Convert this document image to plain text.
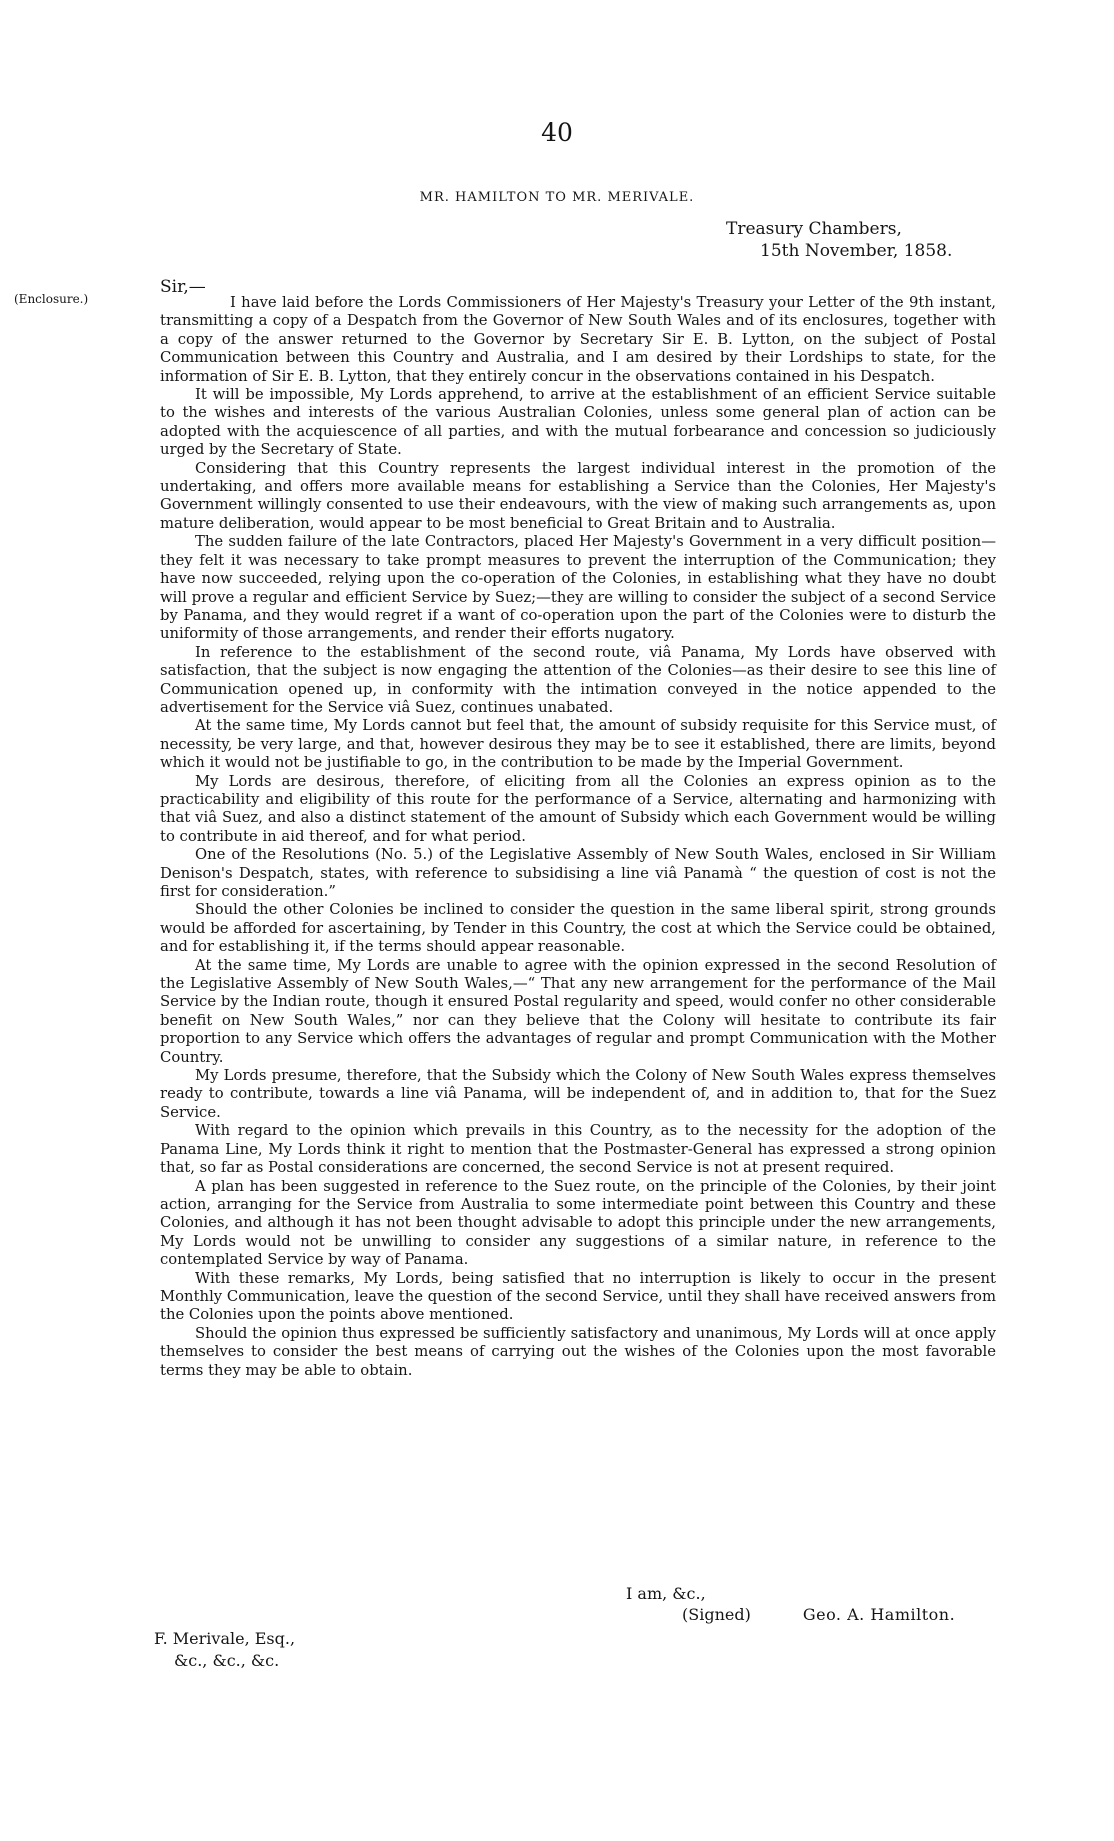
40
MR. HAMILTON TO MR. MERIVALE.
Treasury Chambers,
15th November, 1858.
(Enclosure.)
Sir,—

I have laid before the Lords Commissioners of Her Majesty's Treasury your Letter of the 9th instant, transmitting a copy of a Despatch from the Governor of New South Wales and of its enclosures, together with a copy of the answer returned to the Governor by Secretary Sir E. B. Lytton, on the subject of Postal Communication between this Country and Australia, and I am desired by their Lordships to state, for the information of Sir E. B. Lytton, that they entirely concur in the observations contained in his Despatch.

It will be impossible, My Lords apprehend, to arrive at the establishment of an efficient Service suitable to the wishes and interests of the various Australian Colonies, unless some general plan of action can be adopted with the acquiescence of all parties, and with the mutual forbearance and concession so judiciously urged by the Secretary of State.

Considering that this Country represents the largest individual interest in the promotion of the undertaking, and offers more available means for establishing a Service than the Colonies, Her Majesty's Government willingly consented to use their endeavours, with the view of making such arrangements as, upon mature deliberation, would appear to be most beneficial to Great Britain and to Australia.

The sudden failure of the late Contractors, placed Her Majesty's Government in a very difficult position—they felt it was necessary to take prompt measures to prevent the interruption of the Communication; they have now succeeded, relying upon the co-operation of the Colonies, in establishing what they have no doubt will prove a regular and efficient Service by Suez;—they are willing to consider the subject of a second Service by Panama, and they would regret if a want of co-operation upon the part of the Colonies were to disturb the uniformity of those arrangements, and render their efforts nugatory.

In reference to the establishment of the second route, viâ Panama, My Lords have observed with satisfaction, that the subject is now engaging the attention of the Colonies—as their desire to see this line of Communication opened up, in conformity with the intimation conveyed in the notice appended to the advertisement for the Service viâ Suez, continues unabated.

At the same time, My Lords cannot but feel that, the amount of subsidy requisite for this Service must, of necessity, be very large, and that, however desirous they may be to see it established, there are limits, beyond which it would not be justifiable to go, in the contribution to be made by the Imperial Government.

My Lords are desirous, therefore, of eliciting from all the Colonies an express opinion as to the practicability and eligibility of this route for the performance of a Service, alternating and harmonizing with that viâ Suez, and also a distinct statement of the amount of Subsidy which each Government would be willing to contribute in aid thereof, and for what period.

One of the Resolutions (No. 5.) of the Legislative Assembly of New South Wales, enclosed in Sir William Denison's Despatch, states, with reference to subsidising a line viâ Panamà “ the question of cost is not the first for consideration.”

Should the other Colonies be inclined to consider the question in the same liberal spirit, strong grounds would be afforded for ascertaining, by Tender in this Country, the cost at which the Service could be obtained, and for establishing it, if the terms should appear reasonable.

At the same time, My Lords are unable to agree with the opinion expressed in the second Resolution of the Legislative Assembly of New South Wales,—“ That any new arrangement for the performance of the Mail Service by the Indian route, though it ensured Postal regularity and speed, would confer no other considerable benefit on New South Wales,” nor can they believe that the Colony will hesitate to contribute its fair proportion to any Service which offers the advantages of regular and prompt Communication with the Mother Country.

My Lords presume, therefore, that the Subsidy which the Colony of New South Wales express themselves ready to contribute, towards a line viâ Panama, will be independent of, and in addition to, that for the Suez Service.

With regard to the opinion which prevails in this Country, as to the necessity for the adoption of the Panama Line, My Lords think it right to mention that the Postmaster-General has expressed a strong opinion that, so far as Postal considerations are concerned, the second Service is not at present required.

A plan has been suggested in reference to the Suez route, on the principle of the Colonies, by their joint action, arranging for the Service from Australia to some intermediate point between this Country and these Colonies, and although it has not been thought advisable to adopt this principle under the new arrangements, My Lords would not be unwilling to consider any suggestions of a similar nature, in reference to the contemplated Service by way of Panama.

With these remarks, My Lords, being satisfied that no interruption is likely to occur in the present Monthly Communication, leave the question of the second Service, until they shall have received answers from the Colonies upon the points above mentioned.

Should the opinion thus expressed be sufficiently satisfactory and unanimous, My Lords will at once apply themselves to consider the best means of carrying out the wishes of the Colonies upon the most favorable terms they may be able to obtain.

I am, &c.,
(Signed)	Geo. A. Hamilton.
F. Merivale, Esq.,
&c., &c., &c.
